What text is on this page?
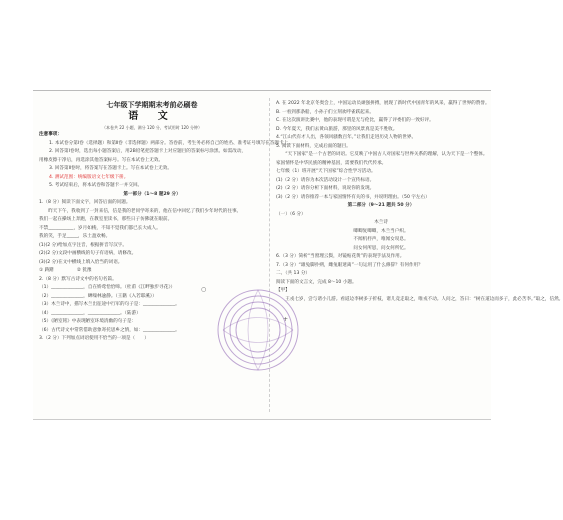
七年级下学期期末考前必刷卷
语 文
（本卷共 22 小题，满分 120 分，考试用时 120 分钟）
注意事项：
1. 本试卷分第Ⅰ卷（选择题）和第Ⅱ卷（非选择题）两部分。答卷前，考生务必将自己的姓名、准考证号填写在答题卡上。
2. 回答第Ⅰ卷时，选出每小题答案后，用2B铅笔把答题卡上对应题目的答案标号涂黑。如需改动，
用橡皮擦干净后，再选涂其他答案标号。写在本试卷上无效。
3. 回答第Ⅱ卷时，将答案写在答题卡上。写在本试卷上无效。
4. 测试范围：统编版语文七年级下册。
5. 考试结束后，将本试卷和答题卡一并交回。
第一部分（1～8 题29 分）
1.（8 分）阅读下面文字，回答后面的问题。
　　昨天下午，我收到了一封来信，信是我的老同学寄来的，他在信中回忆了我们少年时代的往事。
我们一起在操场上奔跑，在教室里读书，那些日子仿佛就在眼前。
不禁___________，岁月如梭，不知不觉我们都已长大成人。
我的笑，手足_____，乐土盈欢畅。
(1)(2 分)给加点字注音，根据拼音写汉字。
(2)(2 分)文段中画横线的句子有语病，请修改。
(3)(2 分)在文中横线上填入恰当的词语。
① 踌躇　　　　　② 犹豫
2.（8 分）默写古诗文中的名句名篇。
（1）______________，自在娇莺恰恰啼。（杜甫《江畔独步寻花》）
（2）______________，蝉噪林逾静。（王籍《入若耶溪》）
（3）木兰诗中，描写木兰出征途中行军的句子是：______________。
（4）______________，______________。（陆游）
（5）《陋室铭》中表现陋室环境清幽的句子是：
（6）古代诗文中常常借助意象寄托思乡之情，如：______________。
3.（2 分）下列加点词语使用不恰当的一项是（　　）
A. 在 2022 年北京冬奥会上，中国运动员顽强拼搏，展现了新时代中国青年的风采，赢得了世界的赞誉。
B. 一看到那条船，小孙子们立刻欢呼雀跃起来。
C. 在这次演讲比赛中，他的表现可谓是无与伦比，赢得了评委们的一致好评。
D. 今年夏天，我们去黄山旅游，那里的风景真是美不胜收。
4.“江山代有才人出，各领风骚数百年。”让我们走进历史人物的世界。
5. 阅读下面材料，完成后面的题目。
　　“天下国家”是一个古老的词语。它反映了中国古人对国家与世界关系的理解，认为天下是一个整体。
家国情怀是中华民族的精神基因，需要我们代代传承。
七年级（1）班开展“天下国家”综合性学习活动。
(1)（2 分）请你为本次活动设计一个宣传标语。
(2)（2 分）请你分析下面材料，说说你的发现。
(3)（2 分）请你推荐一本与家国情怀有关的书，并说明理由。（50 字左右）
第二部分（9～21 题共 50 分）
（一）（6 分）
木兰诗
唧唧复唧唧，木兰当户织。
不闻机杼声，唯闻女叹息。
问女何所思，问女何所忆。
6.（3 分）简析“当窗理云鬓，对镜帖花黄”的表现手法及作用。
7.（3 分）“雄兔脚扑朔，雌兔眼迷离”一句运用了什么修辞？有何作用？
二、（共 13 分）
阅读下面的文言文，完成 8～10 小题。
【甲】
　　王戎七岁，尝与诸小儿游。看道边李树多子折枝，诸儿竞走取之，唯戎不动。人问之，答曰：“树在道边而多子，此必苦李。”取之，信然。
○
+
